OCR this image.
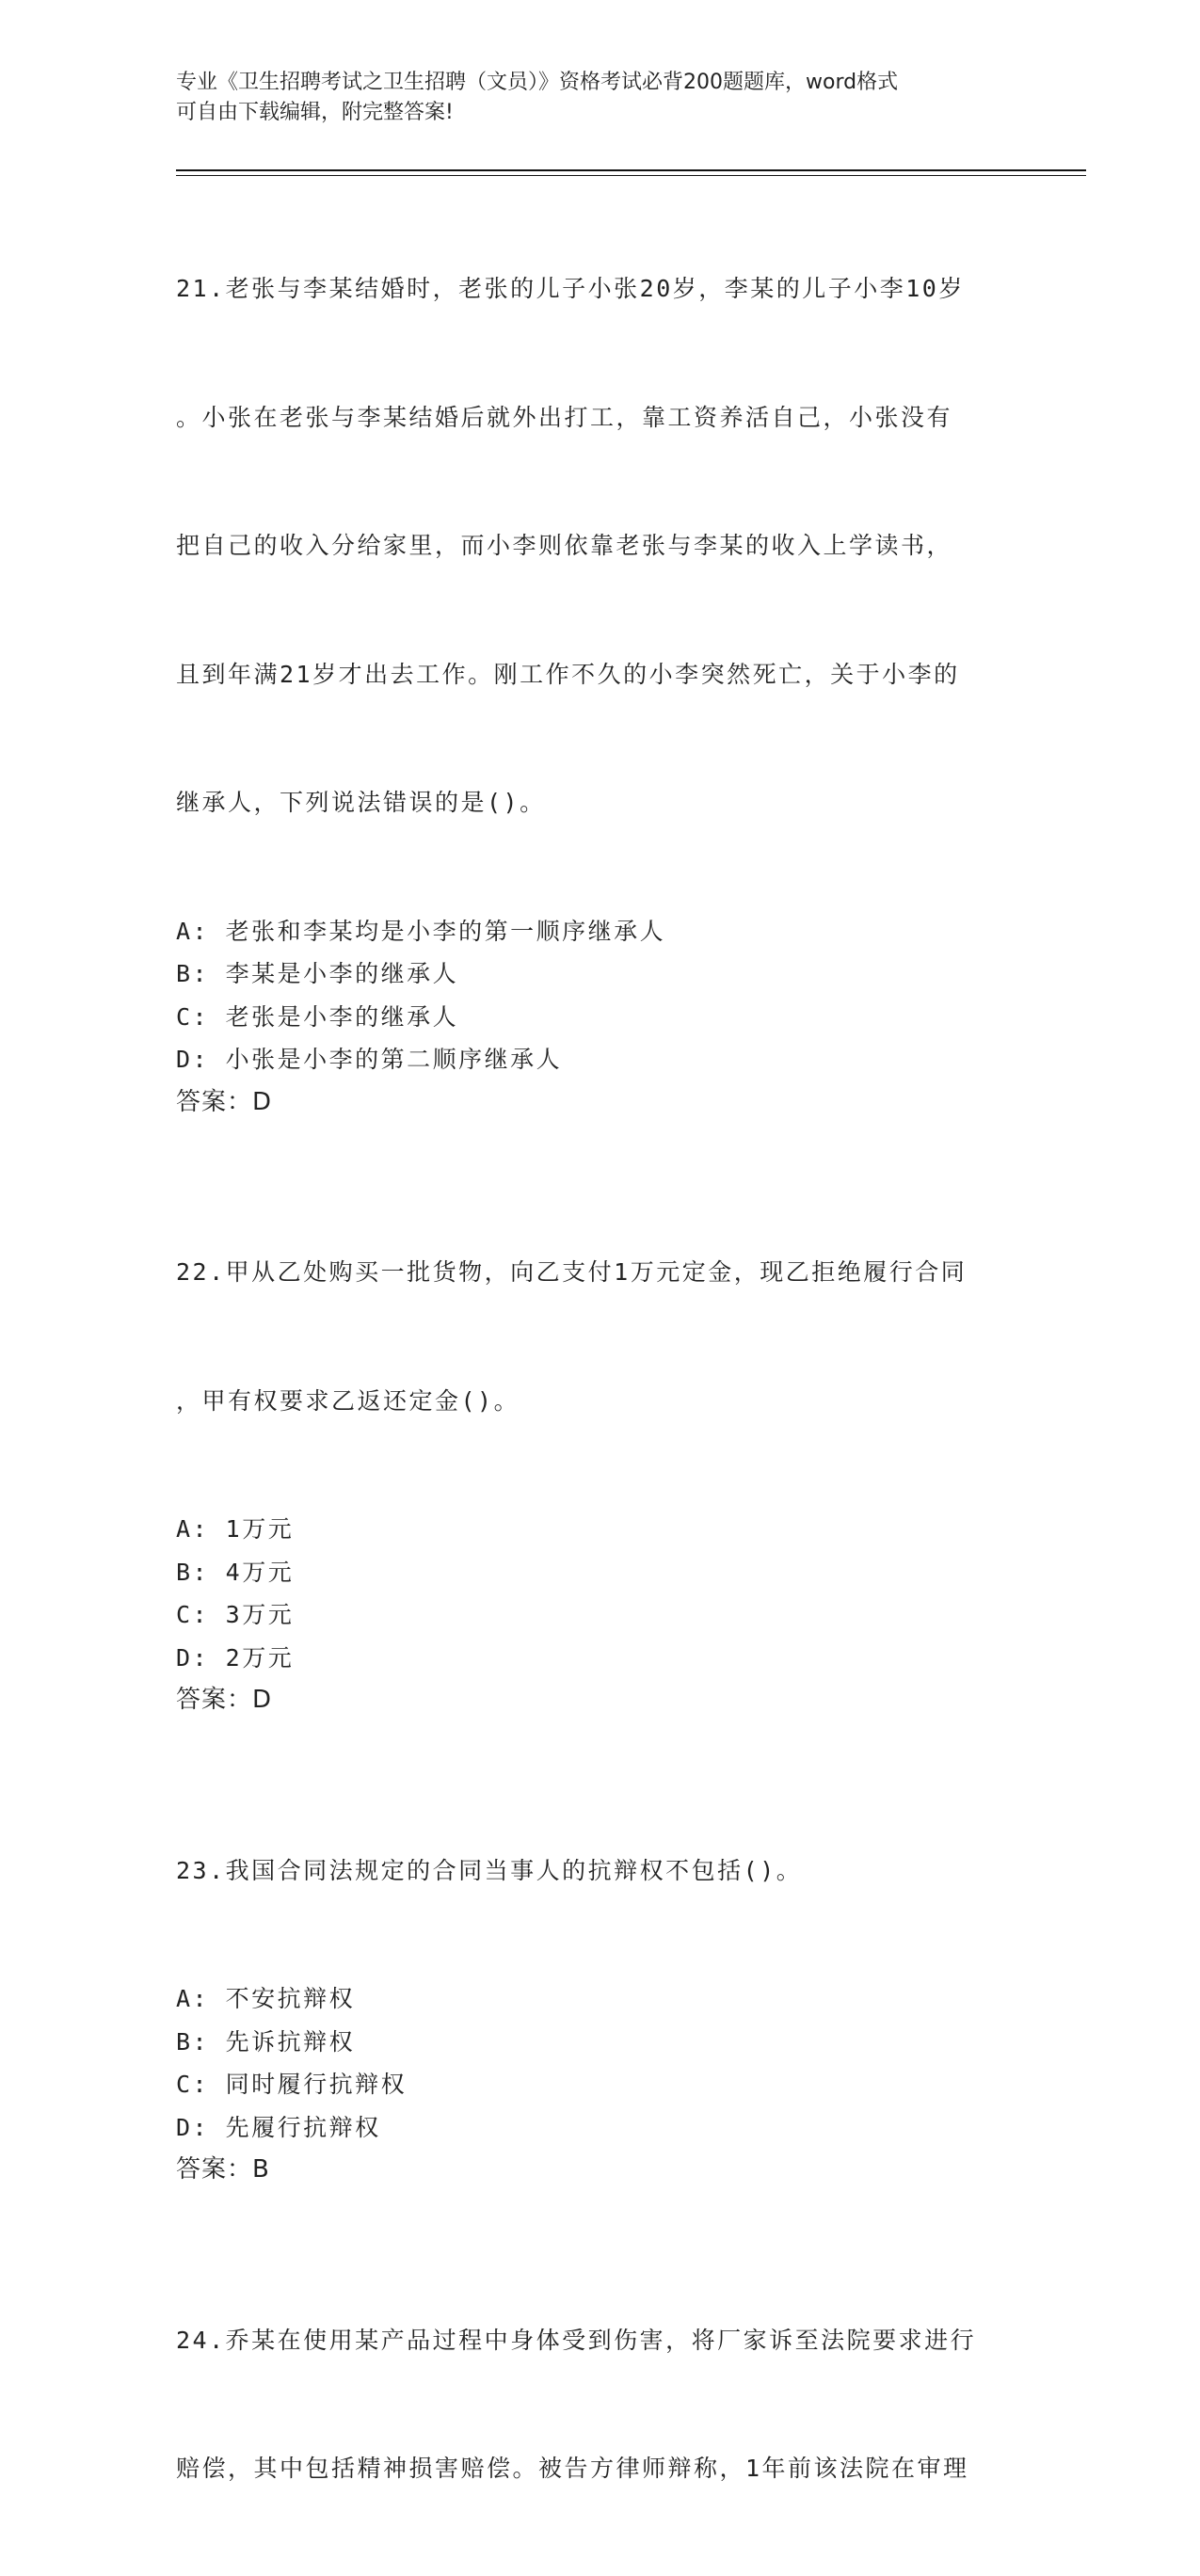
专业《卫生招聘考试之卫生招聘（文员）》资格考试必背200题题库，word格式
可自由下载编辑，附完整答案!

21.老张与李某结婚时，老张的儿子小张20岁，李某的儿子小李10岁

。小张在老张与李某结婚后就外出打工，靠工资养活自己，小张没有

把自己的收入分给家里，而小李则依靠老张与李某的收入上学读书，

且到年满21岁才出去工作。刚工作不久的小李突然死亡，关于小李的

继承人，下列说法错误的是()。

A: 老张和李某均是小李的第一顺序继承人
B: 李某是小李的继承人
C: 老张是小李的继承人
D: 小张是小李的第二顺序继承人
答案：D

22.甲从乙处购买一批货物，向乙支付1万元定金，现乙拒绝履行合同

，甲有权要求乙返还定金()。

A: 1万元
B: 4万元
C: 3万元
D: 2万元
答案：D

23.我国合同法规定的合同当事人的抗辩权不包括()。

A: 不安抗辩权
B: 先诉抗辩权
C: 同时履行抗辩权
D: 先履行抗辩权
答案：B

24.乔某在使用某产品过程中身体受到伤害，将厂家诉至法院要求进行

赔偿，其中包括精神损害赔偿。被告方律师辩称，1年前该法院在审理
